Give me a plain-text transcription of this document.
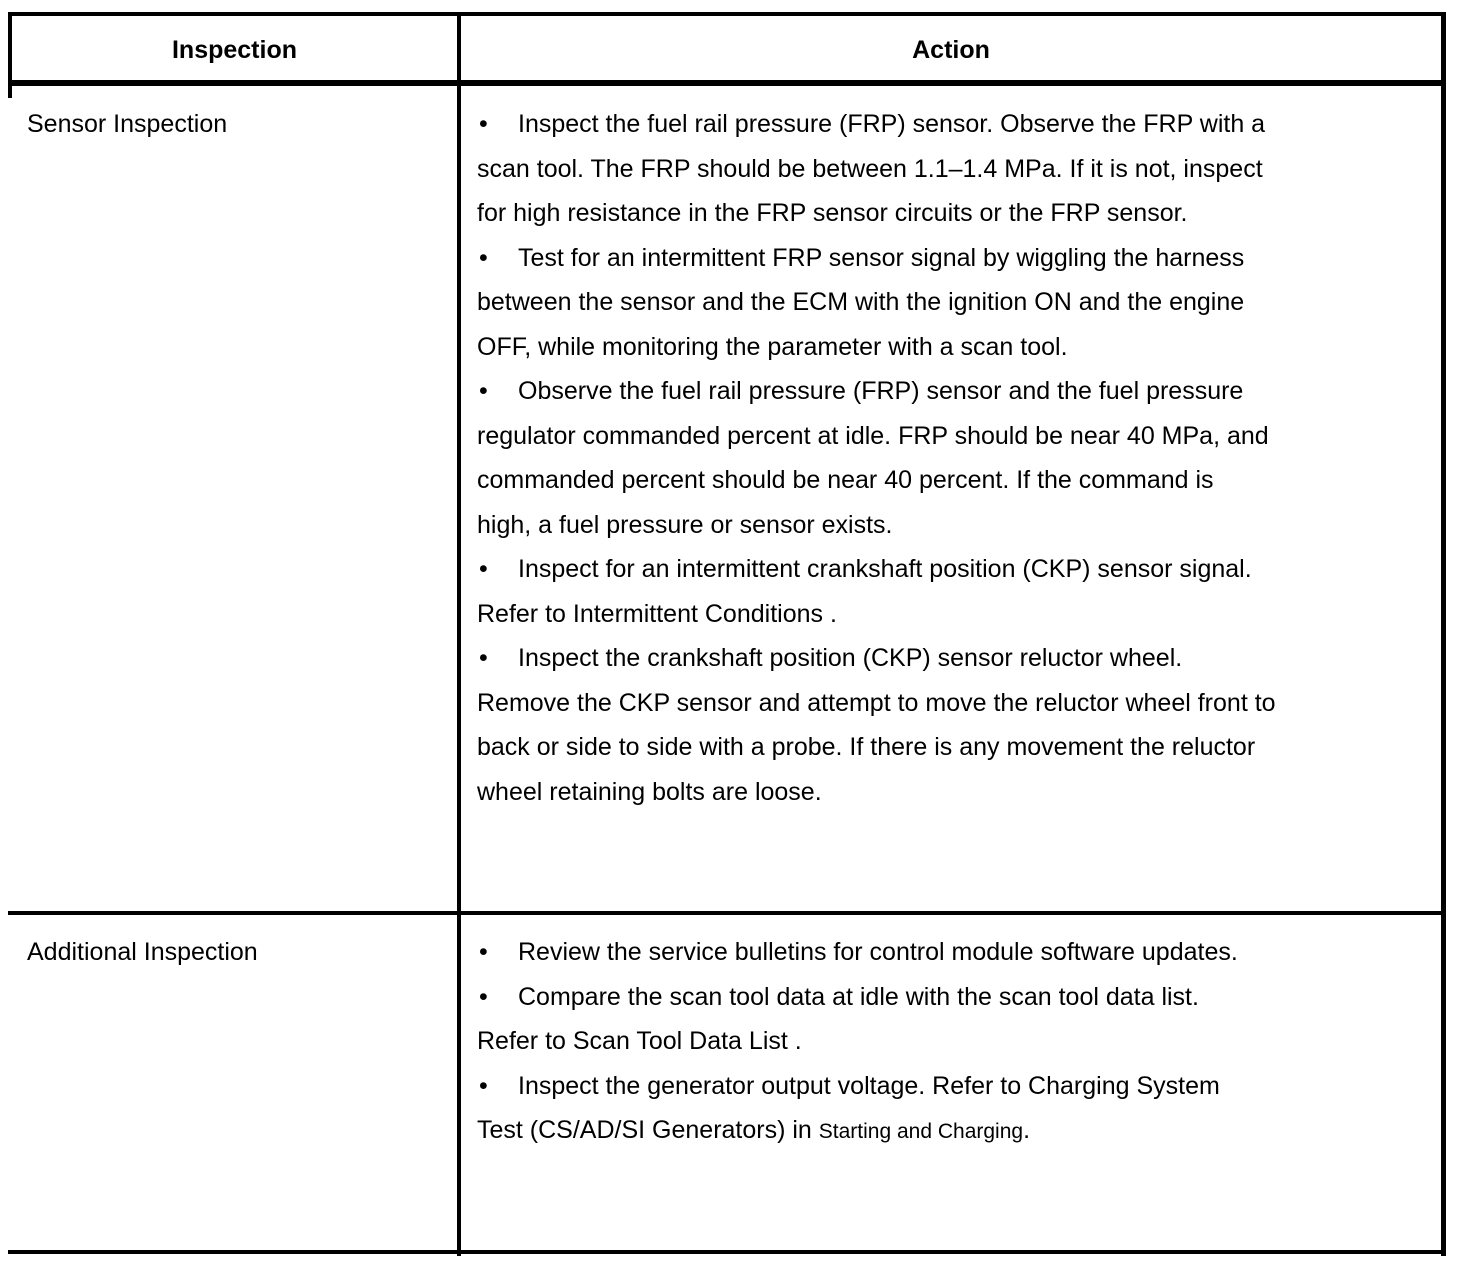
Inspection	Action
Sensor Inspection	• Inspect the fuel rail pressure (FRP) sensor. Observe the FRP with a
scan tool. The FRP should be between 1.1–1.4 MPa. If it is not, inspect
for high resistance in the FRP sensor circuits or the FRP sensor.
• Test for an intermittent FRP sensor signal by wiggling the harness
between the sensor and the ECM with the ignition ON and the engine
OFF, while monitoring the parameter with a scan tool.
• Observe the fuel rail pressure (FRP) sensor and the fuel pressure
regulator commanded percent at idle. FRP should be near 40 MPa, and
commanded percent should be near 40 percent. If the command is
high, a fuel pressure or sensor exists.
• Inspect for an intermittent crankshaft position (CKP) sensor signal.
Refer to Intermittent Conditions .
• Inspect the crankshaft position (CKP) sensor reluctor wheel.
Remove the CKP sensor and attempt to move the reluctor wheel front to
back or side to side with a probe. If there is any movement the reluctor
wheel retaining bolts are loose.
Additional Inspection	• Review the service bulletins for control module software updates.
• Compare the scan tool data at idle with the scan tool data list.
Refer to Scan Tool Data List .
• Inspect the generator output voltage. Refer to Charging System
Test (CS/AD/SI Generators) in Starting and Charging.
